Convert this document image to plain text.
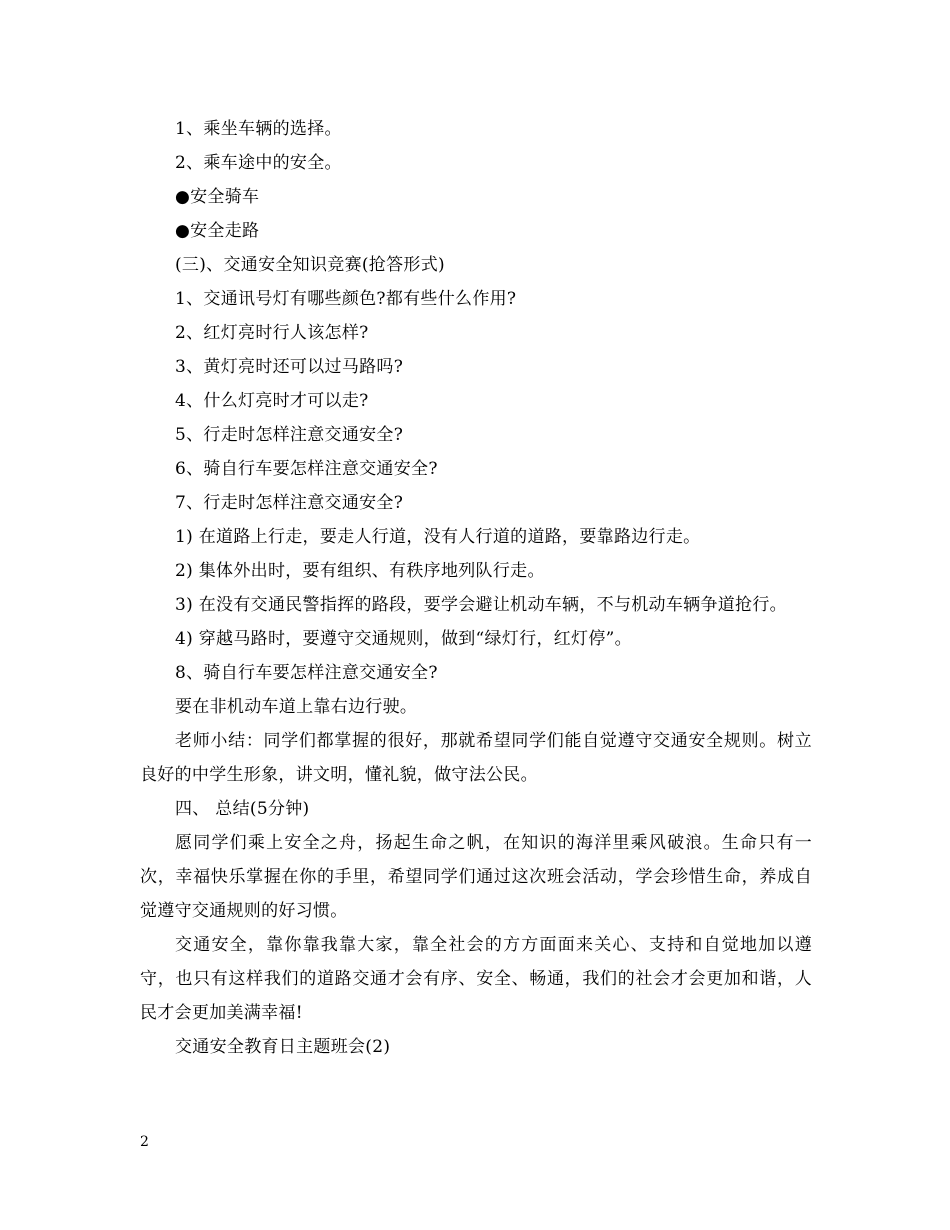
1、乘坐车辆的选择。
2、乘车途中的安全。
●安全骑车
●安全走路
(三)、交通安全知识竞赛(抢答形式)
1、交通讯号灯有哪些颜色?都有些什么作用?
2、红灯亮时行人该怎样?
3、黄灯亮时还可以过马路吗?
4、什么灯亮时才可以走?
5、行走时怎样注意交通安全?
6、骑自行车要怎样注意交通安全?
7、行走时怎样注意交通安全?
1) 在道路上行走，要走人行道，没有人行道的道路，要靠路边行走。
2) 集体外出时，要有组织、有秩序地列队行走。

3) 在没有交通民警指挥的路段，要学会避让机动车辆，不与机动车辆争道抢行。

4) 穿越马路时，要遵守交通规则，做到“绿灯行，红灯停”。
8、骑自行车要怎样注意交通安全?
要在非机动车道上靠右边行驶。

老师小结：同学们都掌握的很好，那就希望同学们能自觉遵守交通安全规则。树立良好的中学生形象，讲文明，懂礼貌，做守法公民。

四、 总结(5分钟)

愿同学们乘上安全之舟，扬起生命之帆，在知识的海洋里乘风破浪。生命只有一次，幸福快乐掌握在你的手里，希望同学们通过这次班会活动，学会珍惜生命，养成自觉遵守交通规则的好习惯。

交通安全，靠你靠我靠大家，靠全社会的方方面面来关心、支持和自觉地加以遵守，也只有这样我们的道路交通才会有序、安全、畅通，我们的社会才会更加和谐，人民才会更加美满幸福!

交通安全教育日主题班会(2)
2
